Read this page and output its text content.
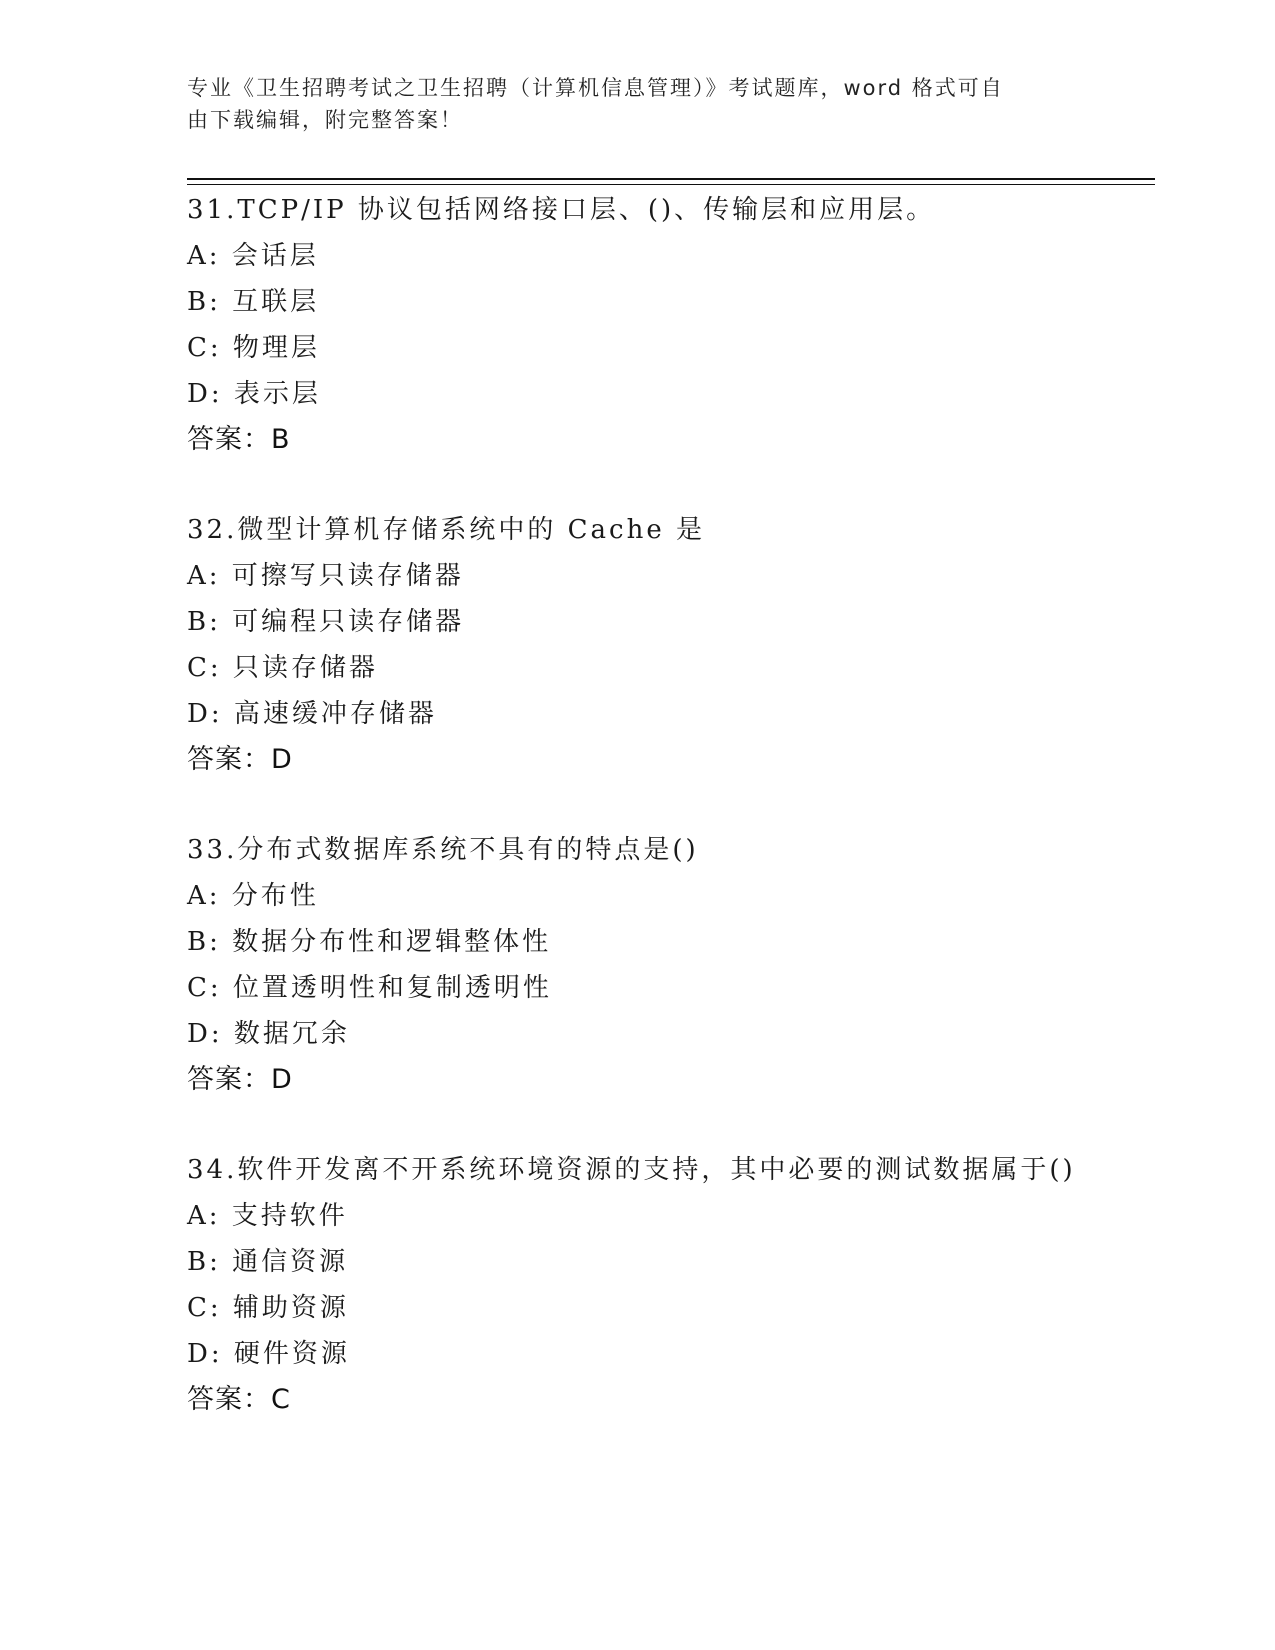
专业《卫生招聘考试之卫生招聘（计算机信息管理）》考试题库，word 格式可自
由下载编辑，附完整答案！
31.TCP/IP 协议包括网络接口层、()、传输层和应用层。
A: 会话层
B: 互联层
C: 物理层
D: 表示层
答案：B
32.微型计算机存储系统中的 Cache 是
A: 可擦写只读存储器
B: 可编程只读存储器
C: 只读存储器
D: 高速缓冲存储器
答案：D
33.分布式数据库系统不具有的特点是()
A: 分布性
B: 数据分布性和逻辑整体性
C: 位置透明性和复制透明性
D: 数据冗余
答案：D
34.软件开发离不开系统环境资源的支持，其中必要的测试数据属于()
A: 支持软件
B: 通信资源
C: 辅助资源
D: 硬件资源
答案：C
